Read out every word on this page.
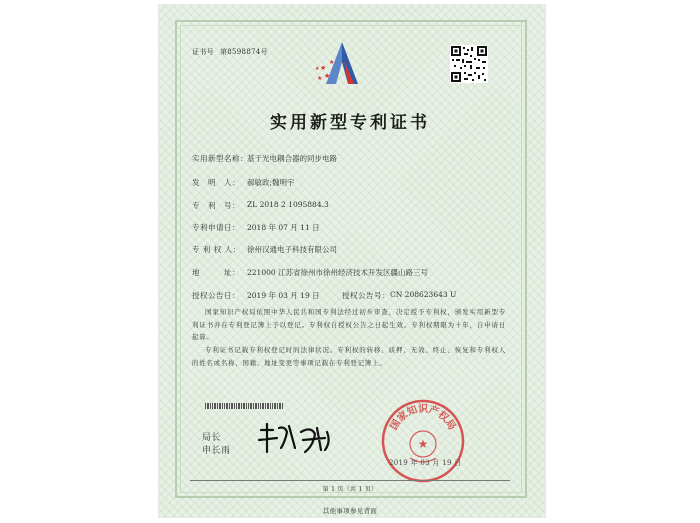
证书号 第8598874号
★
★
★
★
★
实用新型专利证书
实用新型名称： 基于光电耦合器的同步电路
发　明　人： 郝敏政;魏明宇
专　利　号： ZL 2018 2 1095884.3
专利申请日： 2018 年 07 月 11 日
专 利 权 人： 徐州汉通电子科技有限公司
地　　　址： 221000 江苏省徐州市徐州经济技术开发区疆山路三号
授权公告日： 2019 年 03 月 19 日	授权公告号： CN 208623643 U
国家知识产权局依照中华人民共和国专利法经过初步审查，决定授予专利权，颁发实用新型专利证书并在专利登记簿上予以登记。专利权自授权公告之日起生效。专利权期限为十年，自申请日起算。
专利证书记载专利权登记时的法律状况。专利权的转移、质押、无效、终止、恢复和专利权人的姓名或名称、国籍、地址变更等事项记载在专利登记簿上。
局长
申长雨
国家知识产权局
★
2019 年 03 月 19 日
第 1 页（共 1 页）
其他事项参见背面
